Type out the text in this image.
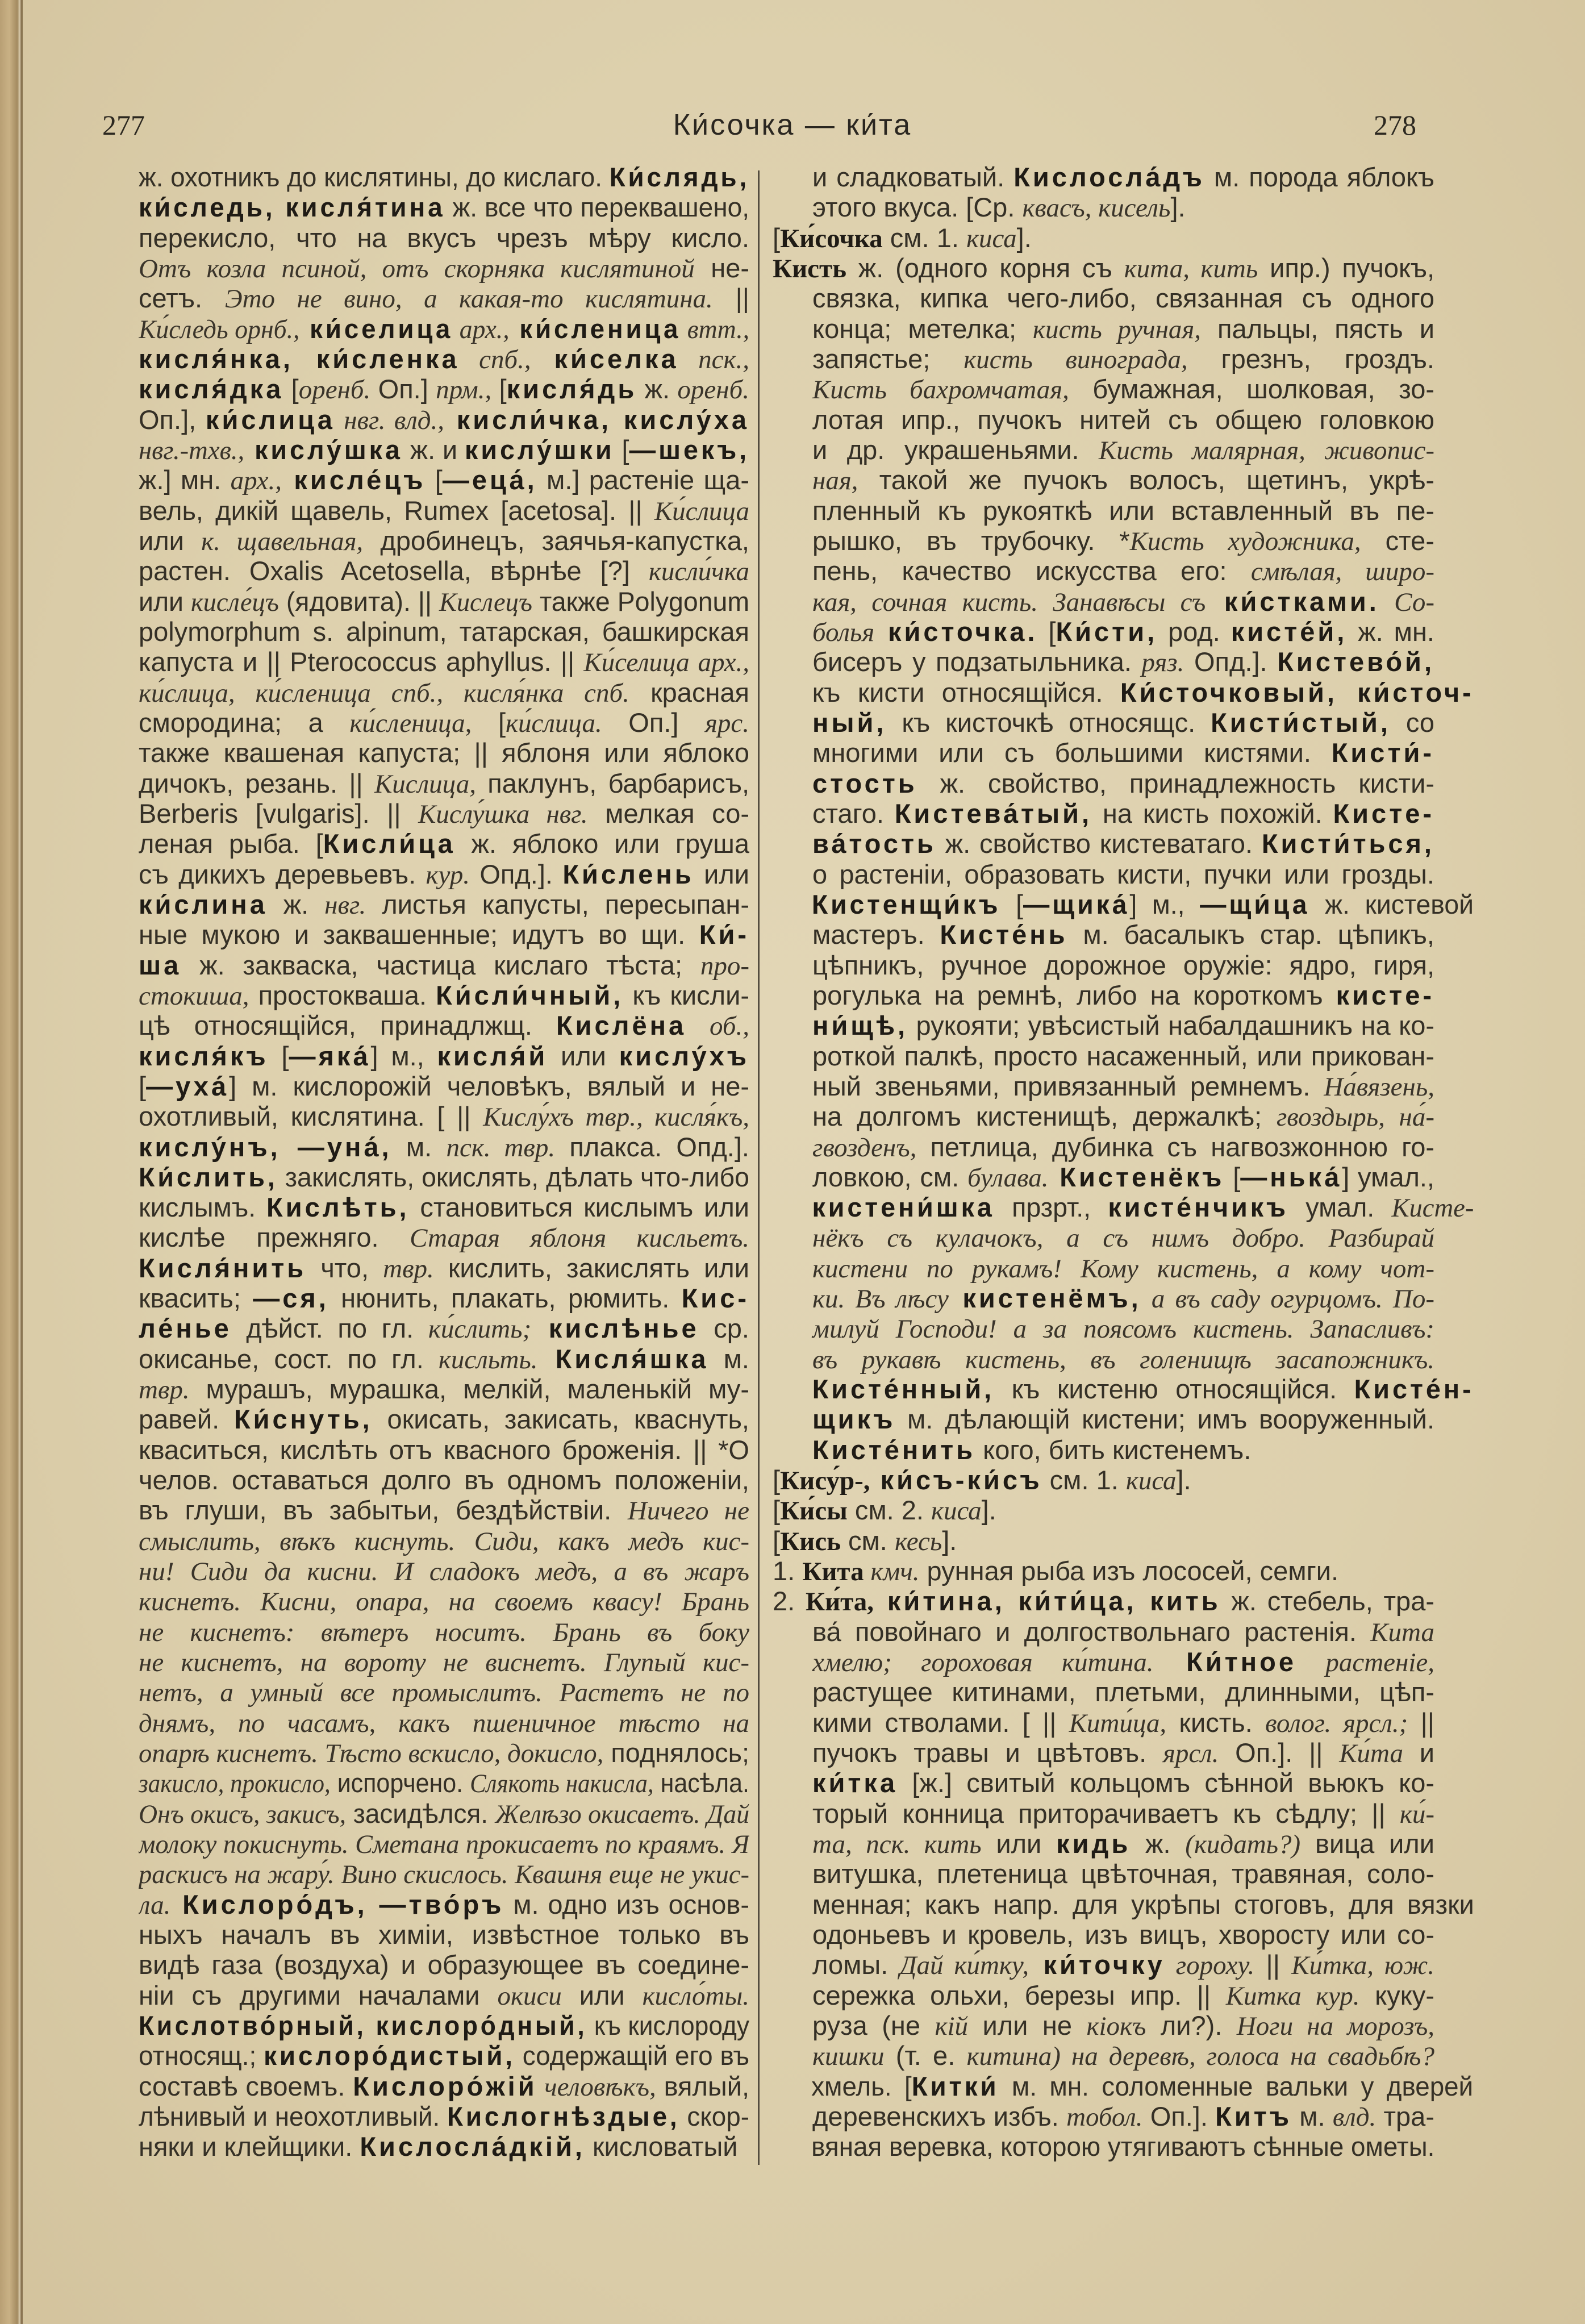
277	Ки́сочка — ки́та	278
ж. охотникъ до кислятины, до кислаго. Ки́слядь,
ки́следь, кисля́тина ж. все что переквашено,
перекисло, что на вкусъ чрезъ мѣру кисло.
Отъ козла псиной, отъ скорняка кислятиной не-
сетъ. Это не вино, а какая-то кислятина. ||
Ки́следь орнб., ки́селица арх., ки́сленица втт.,
кисля́нка, ки́сленка спб., ки́селка пск.,
кисля́дка [оренб. Оп.] прм., [кисля́дь ж. оренб.
Оп.], ки́слица нвг. влд., кисли́чка, кислу́ха
нвг.-тхв., кислу́шка ж. и кислу́шки [—шекъ,
ж.] мн. арх., кисле́цъ [—еца́, м.] растеніе ща-
вель, дикій щавель, Rumex [acetosa]. || Ки́слица
или к. щавельная, дробинецъ, заячья-капустка,
растен. Oxalis Acetosella, вѣрнѣе [?] кисли́чка
или кисле́цъ (ядовита). || Кислецъ также Polygonum
polymorphum s. alpinum, татарская, башкирская
капуста и || Pterococcus aphyllus. || Ки́селица арх.,
ки́слица, ки́сленица спб., кисля́нка спб. красная
смородина; а ки́сленица, [ки́слица. Оп.] ярс.
также квашеная капуста; || яблоня или яблоко
дичокъ, резань. || Кислица, паклунъ, барбарисъ,
Berberis [vulgaris]. || Кислу́шка нвг. мелкая со-
леная рыба. [Кисли́ца ж. яблоко или груша
съ дикихъ деревьевъ. кур. Опд.]. Ки́слень или
ки́слина ж. нвг. листья капусты, пересыпан-
ные мукою и заквашенные; идутъ во щи. Ки́-
ша ж. закваска, частица кислаго тѣста; про-
стокиша, простокваша. Ки́сли́чный, къ кисли-
цѣ относящійся, принадлжщ. Кислёна об.,
кисля́къ [—яка́] м., кисля́й или кислу́хъ
[—уха́] м. кислорожій человѣкъ, вялый и не-
охотливый, кислятина. [ || Кислу́хъ твр., кисля́къ,
кислу́нъ, —уна́, м. пск. твр. плакса. Опд.].
Ки́слить, закислять, окислять, дѣлать что-либо
кислымъ. Кислѣть, становиться кислымъ или
кислѣе прежняго. Старая яблоня кисльетъ.
Кисля́нить что, твр. кислить, закислять или
квасить; —ся, нюнить, плакать, рюмить. Кис-
ле́нье дѣйст. по гл. ки́слить; кислѣнье ср.
окисанье, сост. по гл. кисльть. Кисля́шка м.
твр. мурашъ, мурашка, мелкій, маленькій му-
равей. Ки́снуть, окисать, закисать, кваснуть,
кваситься, кислѣть отъ квасного броженія. || *О
челов. оставаться долго въ одномъ положеніи,
въ глуши, въ забытьи, бездѣйствіи. Ничего не
смыслить, вѣкъ киснуть. Сиди, какъ медъ кис-
ни! Сиди да кисни. И сладокъ медъ, а въ жаръ
киснетъ. Кисни, опара, на своемъ квасу! Брань
не киснетъ: вѣтеръ носитъ. Брань въ боку
не киснетъ, на вороту не виснетъ. Глупый кис-
нетъ, а умный все промыслитъ. Растетъ не по
днямъ, по часамъ, какъ пшеничное тѣсто на
опарѣ киснетъ. Тѣсто вскисло, докисло, поднялось;
закисло, прокисло, испорчено. Слякоть накисла, насѣла.
Онъ окисъ, закисъ, засидѣлся. Желѣзо окисаетъ. Дай
молоку покиснуть. Сметана прокисаетъ по краямъ. Я
раскисъ на жару́. Вино скислось. Квашня еще не укис-
ла. Кислоро́дъ, —тво́ръ м. одно изъ основ-
ныхъ началъ въ химіи, извѣстное только въ
видѣ газа (воздуха) и образующее въ соедине-
ніи съ другими началами окиси или кисло́ты.
Кислотво́рный, кислоро́дный, къ кислороду
относящ.; кислоро́дистый, содержащій его въ
составѣ своемъ. Кислоро́жій человѣкъ, вялый,
лѣнивый и неохотливый. Кислогнѣздые, скор-
няки и клейщики. Кислосла́дкій, кисловатый
и сладковатый. Кислосла́дъ м. порода яблокъ
этого вкуса. [Ср. квасъ, кисель].
[Ки́сочка см. 1. киса].
Кисть ж. (одного корня съ кита, кить ипр.) пучокъ,
связка, кипка чего-либо, связанная съ одного
конца; метелка; кисть ручная, пальцы, пясть и
запястье; кисть винограда, грезнъ, гроздъ.
Кисть бахромчатая, бумажная, шолковая, зо-
лотая ипр., пучокъ нитей съ общею головкою
и др. украшеньями. Кисть малярная, живопис-
ная, такой же пучокъ волосъ, щетинъ, укрѣ-
пленный къ рукояткѣ или вставленный въ пе-
рышко, въ трубочку. *Кисть художника, сте-
пень, качество искусства его: смѣлая, широ-
кая, сочная кисть. Занавѣсы съ ки́стками. Со-
болья ки́сточка. [Ки́сти, род. кисте́й, ж. мн.
бисеръ у подзатыльника. ряз. Опд.]. Кистево́й,
къ кисти относящійся. Ки́сточковый, ки́сточ-
ный, къ кисточкѣ относящс. Кисти́стый, со
многими или съ большими кистями. Кисти́-
стость ж. свойство, принадлежность кисти-
стаго. Кистева́тый, на кисть похожій. Кисте-
ва́тость ж. свойство кистеватаго. Кисти́ться,
о растеніи, образовать кисти, пучки или грозды.
Кистенщи́къ [—щика́] м., —щи́ца ж. кистевой
мастеръ. Кисте́нь м. басалыкъ стар. цѣпикъ,
цѣпникъ, ручное дорожное оружіе: ядро, гиря,
рогулька на ремнѣ, либо на короткомъ кисте-
ни́щѣ, рукояти; увѣсистый набалдашникъ на ко-
роткой палкѣ, просто насаженный, или прикован-
ный звеньями, привязанный ремнемъ. На́вязень,
на долгомъ кистенищѣ, держалкѣ; гвоздырь, на́-
гвозденъ, петлица, дубинка съ нагвозжонною го-
ловкою, см. булава. Кистенёкъ [—нька́] умал.,
кистени́шка прзрт., кисте́нчикъ умал. Кисте-
нёкъ съ кулачокъ, а съ нимъ добро. Разбирай
кистени по рукамъ! Кому кистень, а кому чот-
ки. Въ лѣсу кистенёмъ, а въ саду огурцомъ. По-
милуй Господи! а за поясомъ кистень. Запасливъ:
въ рукавѣ кистень, въ голенищѣ засапожникъ.
Кисте́нный, къ кистеню относящійся. Кисте́н-
щикъ м. дѣлающій кистени; имъ вооруженный.
Кисте́нить кого, бить кистенемъ.
[Кису́р-, ки́съ-ки́съ см. 1. киса].
[Ки́сы см. 2. киса].
[Кись см. кесь].
1. Кита кмч. рунная рыба изъ лососей, семги.
2. Ки́та, ки́тина, ки́ти́ца, кить ж. стебель, тра-
ва́ повойнаго и долгоствольнаго растенія. Кита
хмелю; гороховая ки́тина. Ки́тное растеніе,
растущее китинами, плетьми, длинными, цѣп-
кими стволами. [ || Кити́ца, кисть. волог. ярсл.; ||
пучокъ травы и цвѣтовъ. ярсл. Оп.]. || Ки́та и
ки́тка [ж.] свитый кольцомъ сѣнной вьюкъ ко-
торый конница приторачиваетъ къ сѣдлу; || ки́-
та, пск. кить или кидь ж. (кидать?) вица или
витушка, плетеница цвѣточная, травяная, соло-
менная; какъ напр. для укрѣпы стоговъ, для вязки
одоньевъ и кровель, изъ вицъ, хворосту или со-
ломы. Дай ки́тку, ки́точку гороху. || Ки́тка, юж.
сережка ольхи, березы ипр. || Китка кур. куку-
руза (не кій или не кіокъ ли?). Ноги на морозъ,
кишки (т. е. китина) на деревѣ, голоса на свадьбѣ?
хмель. [Китки́ м. мн. соломенные вальки у дверей
деревенскихъ избъ. тобол. Оп.]. Китъ м. влд. тра-
вяная веревка, которою утягиваютъ сѣнные ометы.
